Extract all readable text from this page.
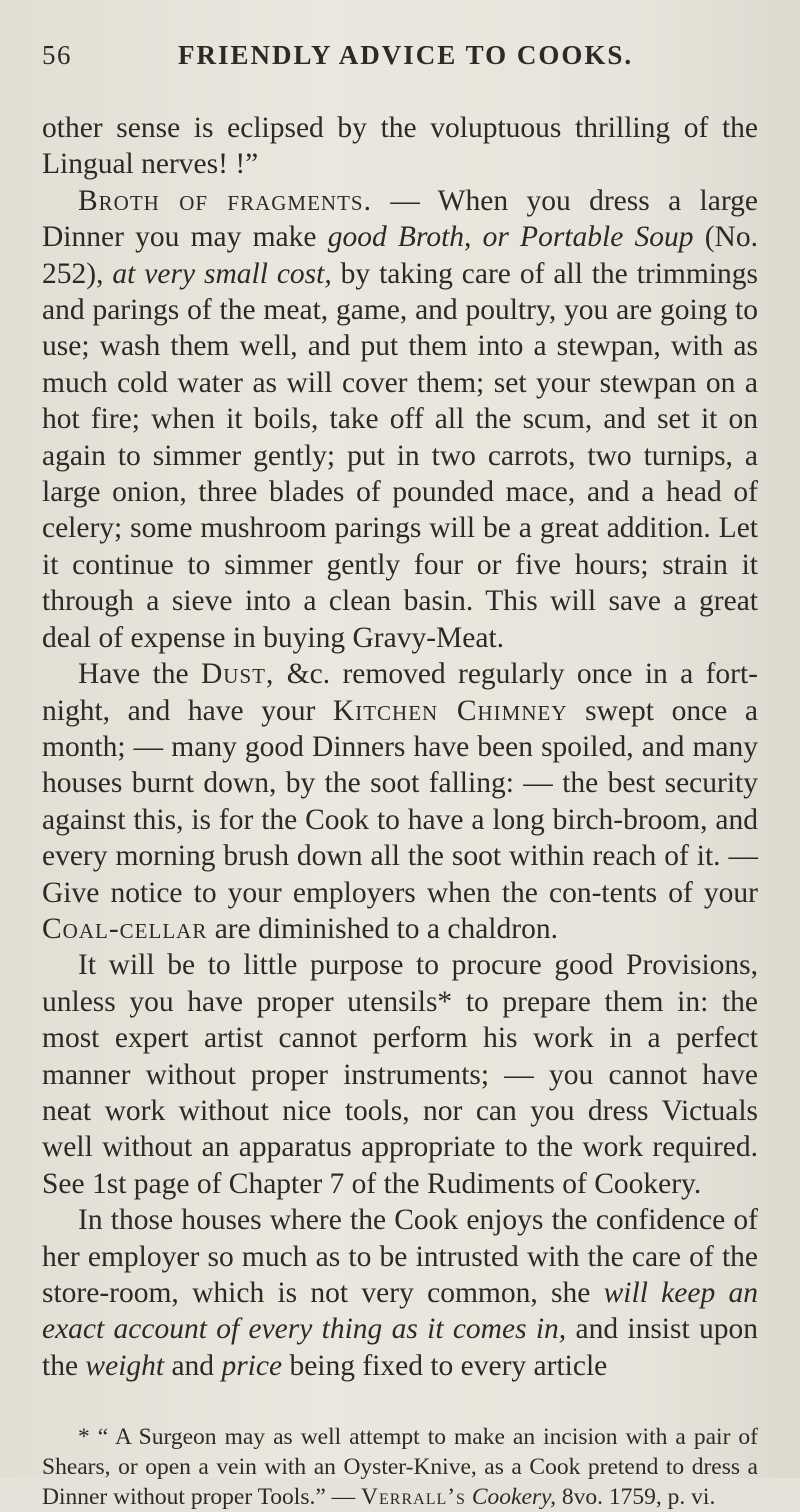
56	FRIENDLY ADVICE TO COOKS.

other sense is eclipsed by the voluptuous thrilling of the Lingual nerves! !”

Broth of fragments. — When you dress a large Dinner you may make good Broth, or Portable Soup (No. 252), at very small cost, by taking care of all the trimmings and parings of the meat, game, and poultry, you are going to use; wash them well, and put them into a stewpan, with as much cold water as will cover them; set your stewpan on a hot fire; when it boils, take off all the scum, and set it on again to simmer gently; put in two carrots, two turnips, a large onion, three blades of pounded mace, and a head of celery; some mushroom parings will be a great addition. Let it continue to simmer gently four or five hours; strain it through a sieve into a clean basin. This will save a great deal of expense in buying Gravy-Meat.

Have the Dust, &c. removed regularly once in a fort-night, and have your Kitchen Chimney swept once a month; — many good Dinners have been spoiled, and many houses burnt down, by the soot falling: — the best security against this, is for the Cook to have a long birch-broom, and every morning brush down all the soot within reach of it. — Give notice to your employers when the con-tents of your Coal-cellar are diminished to a chaldron.

It will be to little purpose to procure good Provisions, unless you have proper utensils* to prepare them in: the most expert artist cannot perform his work in a perfect manner without proper instruments; — you cannot have neat work without nice tools, nor can you dress Victuals well without an apparatus appropriate to the work required. See 1st page of Chapter 7 of the Rudiments of Cookery.

In those houses where the Cook enjoys the confidence of her employer so much as to be intrusted with the care of the store-room, which is not very common, she will keep an exact account of every thing as it comes in, and insist upon the weight and price being fixed to every article

* “ A Surgeon may as well attempt to make an incision with a pair of Shears, or open a vein with an Oyster-Knive, as a Cook pretend to dress a Dinner without proper Tools.” — Verrall’s Cookery, 8vo. 1759, p. vi.
